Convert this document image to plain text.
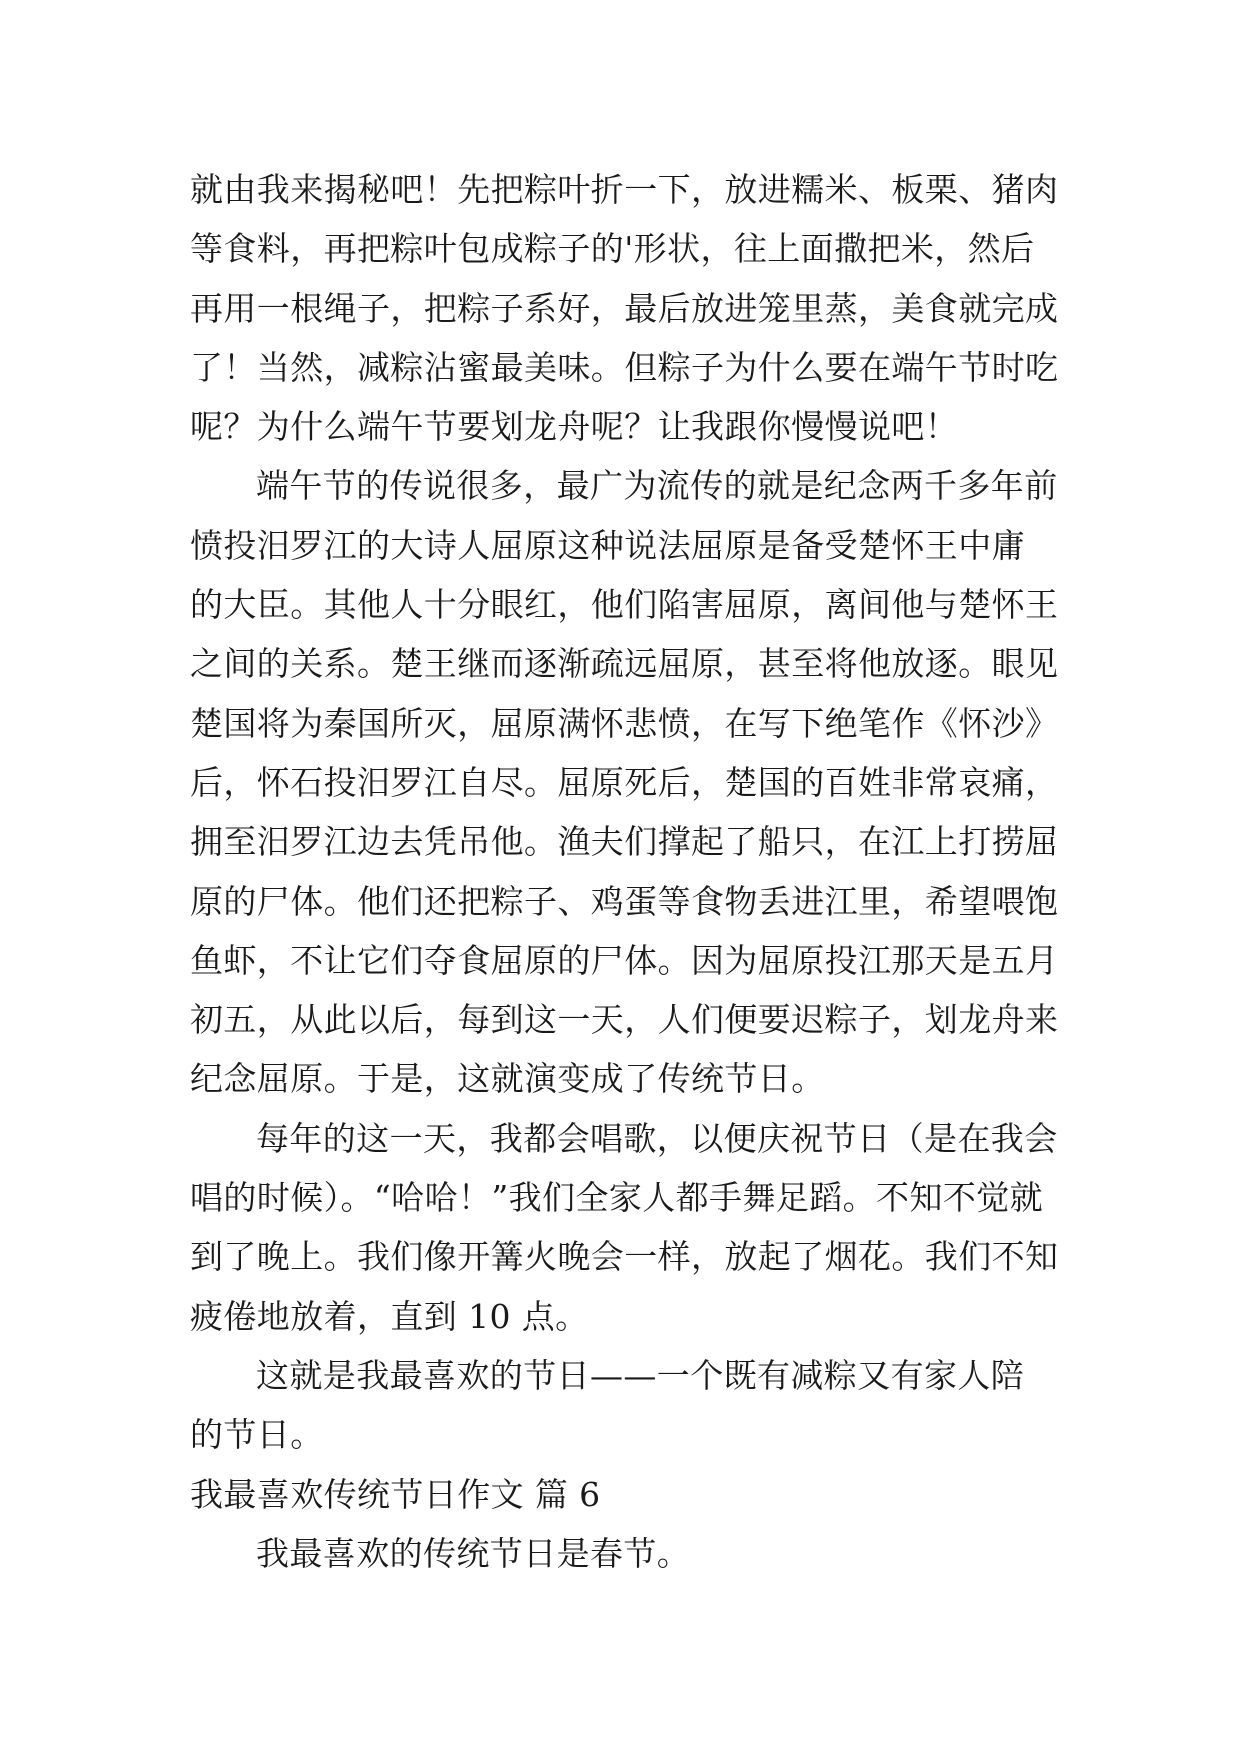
就由我来揭秘吧！先把粽叶折一下，放进糯米、板栗、猪肉
等食料，再把粽叶包成粽子的'形状，往上面撒把米，然后
再用一根绳子，把粽子系好，最后放进笼里蒸，美食就完成
了！当然，减粽沾蜜最美味。但粽子为什么要在端午节时吃
呢？为什么端午节要划龙舟呢？让我跟你慢慢说吧！
端午节的传说很多，最广为流传的就是纪念两千多年前
愤投汨罗江的大诗人屈原这种说法屈原是备受楚怀王中庸
的大臣。其他人十分眼红，他们陷害屈原，离间他与楚怀王
之间的关系。楚王继而逐渐疏远屈原，甚至将他放逐。眼见
楚国将为秦国所灭，屈原满怀悲愤，在写下绝笔作《怀沙》
后，怀石投汨罗江自尽。屈原死后，楚国的百姓非常哀痛，
拥至汨罗江边去凭吊他。渔夫们撑起了船只，在江上打捞屈
原的尸体。他们还把粽子、鸡蛋等食物丢进江里，希望喂饱
鱼虾，不让它们夺食屈原的尸体。因为屈原投江那天是五月
初五，从此以后，每到这一天，人们便要迟粽子，划龙舟来
纪念屈原。于是，这就演变成了传统节日。
每年的这一天，我都会唱歌，以便庆祝节日（是在我会
唱的时候）。“哈哈！”我们全家人都手舞足蹈。不知不觉就
到了晚上。我们像开篝火晚会一样，放起了烟花。我们不知
疲倦地放着，直到 10 点。
这就是我最喜欢的节日——一个既有减粽又有家人陪
的节日。
我最喜欢传统节日作文 篇 6
我最喜欢的传统节日是春节。
